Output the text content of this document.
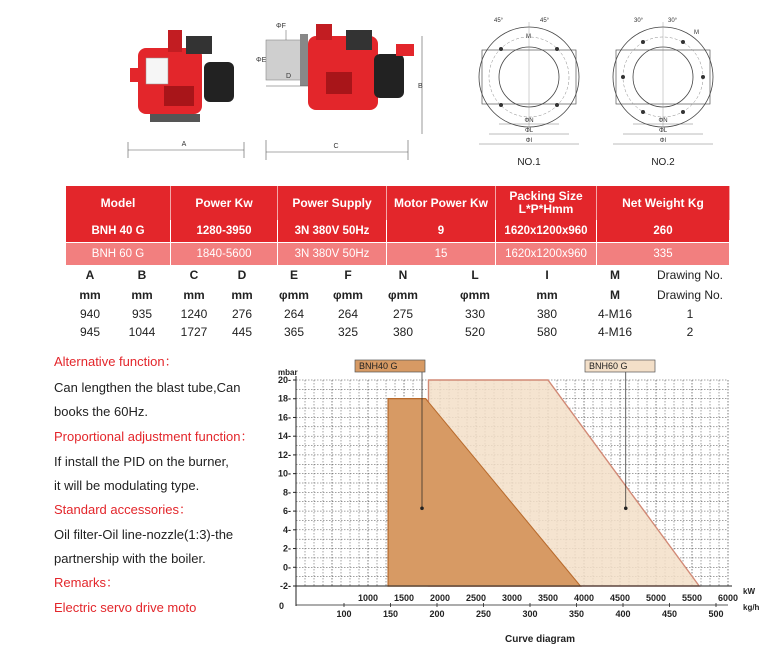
A
ΦF
ΦE
D
B
C
45°	45°
M
ΦN
ΦL
ΦI
NO.1
30°	30°
M
ΦN
ΦL
ΦI
NO.2
Model	Power Kw	Power Supply	Motor Power Kw	Packing Size L*P*Hmm	Net Weight Kg
BNH 40 G	1280-3950	3N 380V 50Hz	9	1620x1200x960	260
BNH 60 G	1840-5600	3N 380V 50Hz	15	1620x1200x960	335
A	B	C	D	E	F	N	L	I	M	Drawing No.
mm	mm	mm	mm	φmm	φmm	φmm	φmm	mm	M	Drawing No.
940	935	1240	276	264	264	275	330	380	4-M16	1
945	1044	1727	445	365	325	380	520	580	4-M16	2
Alternative function：
Can lengthen the blast tube,Can
books the 60Hz.
Proportional adjustment function：
If install the PID on the burner,
it will be modulating type.
Standard accessories：
Oil filter-Oil line-nozzle(1:3)-the
partnership with the boiler.
Remarks：
Electric servo drive moto
BNH40 G	BNH60 G
20-
18-
16-
14-
12-
10-
8-
6-
4-
2-
0-
-2-
0
1000 1500 2000 2500 3000 3500 4000 4500 5000 5500 6000
100	150	200	250	300	350	400	450	500
mbar
kW
kg/h
Curve diagram
